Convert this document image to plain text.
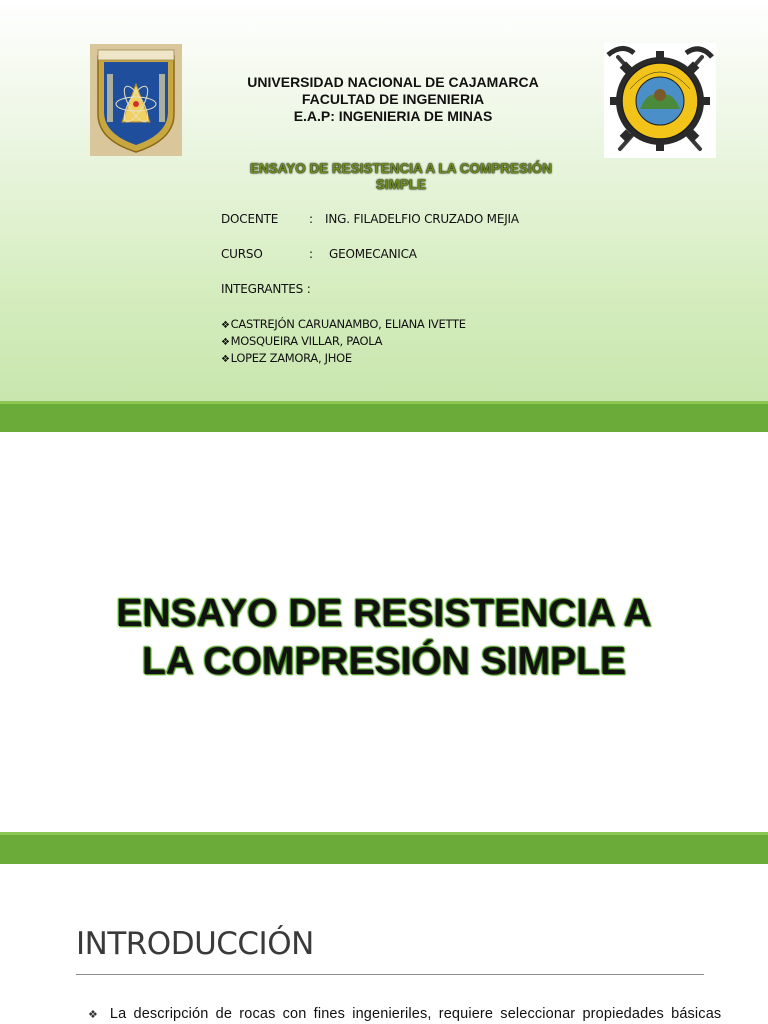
UNIVERSIDAD NACIONAL DE CAJAMARCA
FACULTAD DE INGENIERIA
E.A.P: INGENIERIA DE MINAS
ENSAYO DE RESISTENCIA A LA COMPRESIÓN
SIMPLE
DOCENTE	: ING. FILADELFIO CRUZADO MEJIA
CURSO	: GEOMECANICA
INTEGRANTES :
❖CASTREJÓN CARUANAMBO, ELIANA IVETTE
❖MOSQUEIRA VILLAR, PAOLA
❖LOPEZ ZAMORA, JHOE
ENSAYO DE RESISTENCIA A
LA COMPRESIÓN SIMPLE
INTRODUCCIÓN
❖ La descripción de rocas con fines ingenieriles, requiere seleccionar propiedades básicas
